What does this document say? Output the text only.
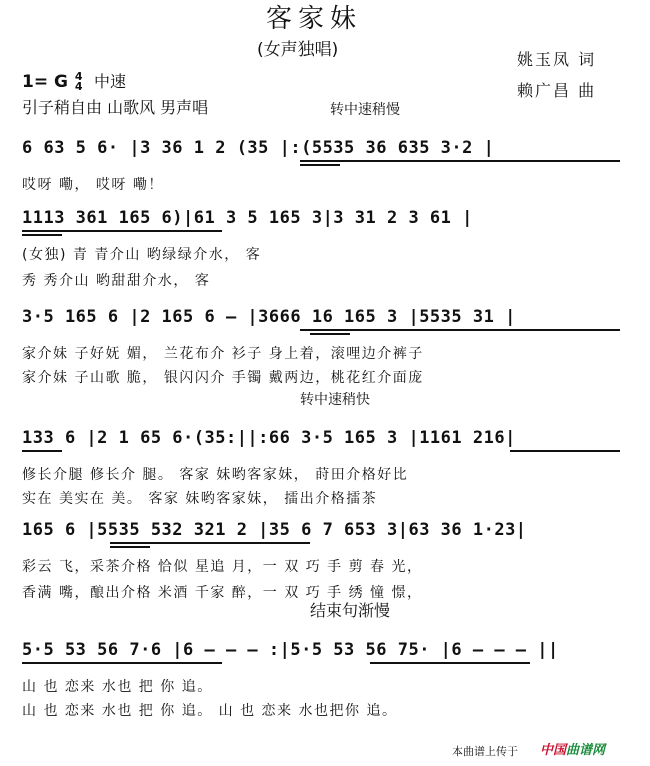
客家妹
(女声独唱)	姚玉凤 词
赖广昌 曲
1= G 4
4 中速
引子稍自由 山歌风 男声唱	转中速稍慢
6 63 5 6· |3 36 1 2 (35 |:(5535 36 635 3·2 |
哎呀 嘞， 哎呀 嘞！
1113 361 165 6)|61 3 5 165 3|3 31 2 3 61 |
(女独) 青 青介山 哟绿绿介水， 客
秀 秀介山 哟甜甜介水， 客
3·5 165 6 |2 165 6 – |3666 16 165 3 |5535 31 |
家介妹 子好妩 媚， 兰花布介 衫子 身上着，滚哩边介裤子
家介妹 子山歌 脆， 银闪闪介 手镯 戴两边，桃花红介面庞
转中速稍快
133 6 |2 1 65 6·(35:||:66 3·5 165 3 |1161 216|
修长介腿 修长介 腿。 客家 妹哟客家妹， 莳田介格好比
实在 美实在 美。 客家 妹哟客家妹， 擂出介格擂茶
165 6 |5535 532 321 2 |35 6 7 653 3|63 36 1·23|
彩云 飞，采茶介格 恰似 星追 月，一 双 巧 手 剪 春 光，
香满 嘴，酿出介格 米酒 千家 醉，一 双 巧 手 绣 憧 憬，
结束句渐慢
5·5 53 56 7·6 |6 – – – :|5·5 53 56 75· |6 – – – ||
山 也 恋来 水也 把 你 追。
山 也 恋来 水也 把 你 追。 山 也 恋来 水也把你 追。
本曲谱上传于 中国曲谱网
